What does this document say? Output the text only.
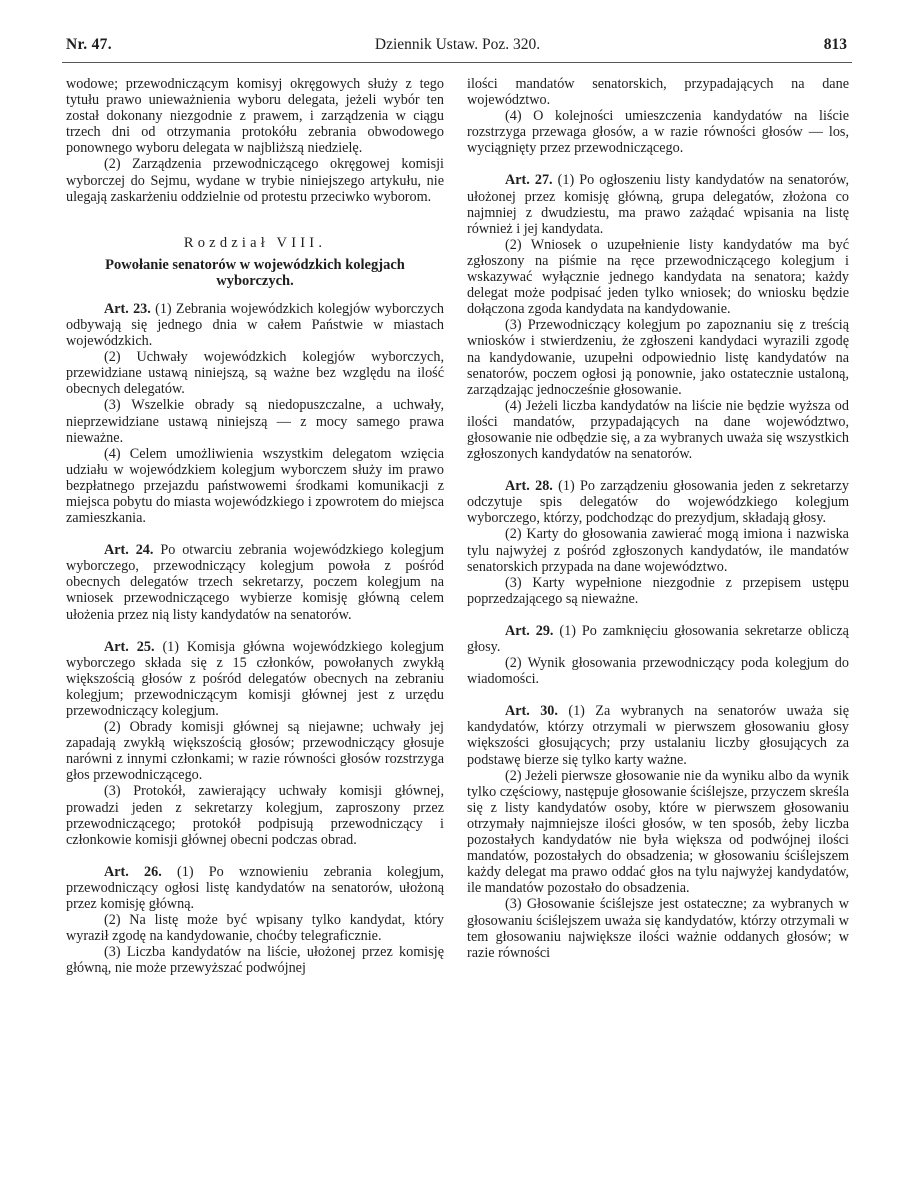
Nr. 47.	Dziennik Ustaw. Poz. 320.	813

wodowe; przewodniczącym komisyj okręgowych służy z tego tytułu prawo unieważnienia wyboru delegata, jeżeli wybór ten został dokonany niezgodnie z prawem, i zarządzenia w ciągu trzech dni od otrzymania protokółu zebrania obwodowego ponownego wyboru delegata w najbliższą niedzielę.

(2) Zarządzenia przewodniczącego okręgowej komisji wyborczej do Sejmu, wydane w trybie niniejszego artykułu, nie ulegają zaskarżeniu oddzielnie od protestu przeciwko wyborom.

Rozdział VIII.

Powołanie senatorów w wojewódzkich kolegjach wyborczych.

Art. 23. (1) Zebrania wojewódzkich kolegjów wyborczych odbywają się jednego dnia w całem Państwie w miastach wojewódzkich.

(2) Uchwały wojewódzkich kolegjów wyborczych, przewidziane ustawą niniejszą, są ważne bez względu na ilość obecnych delegatów.

(3) Wszelkie obrady są niedopuszczalne, a uchwały, nieprzewidziane ustawą niniejszą — z mocy samego prawa nieważne.

(4) Celem umożliwienia wszystkim delegatom wzięcia udziału w wojewódzkiem kolegjum wyborczem służy im prawo bezpłatnego przejazdu państwowemi środkami komunikacji z miejsca pobytu do miasta wojewódzkiego i zpowrotem do miejsca zamieszkania.

Art. 24. Po otwarciu zebrania wojewódzkiego kolegjum wyborczego, przewodniczący kolegjum powoła z pośród obecnych delegatów trzech sekretarzy, poczem kolegjum na wniosek przewodniczącego wybierze komisję główną celem ułożenia przez nią listy kandydatów na senatorów.

Art. 25. (1) Komisja główna wojewódzkiego kolegjum wyborczego składa się z 15 członków, powołanych zwykłą większością głosów z pośród delegatów obecnych na zebraniu kolegjum; przewodniczącym komisji głównej jest z urzędu przewodniczący kolegjum.

(2) Obrady komisji głównej są niejawne; uchwały jej zapadają zwykłą większością głosów; przewodniczący głosuje narówni z innymi członkami; w razie równości głosów rozstrzyga głos przewodniczącego.

(3) Protokół, zawierający uchwały komisji głównej, prowadzi jeden z sekretarzy kolegjum, zaproszony przez przewodniczącego; protokół podpisują przewodniczący i członkowie komisji głównej obecni podczas obrad.

Art. 26. (1) Po wznowieniu zebrania kolegjum, przewodniczący ogłosi listę kandydatów na senatorów, ułożoną przez komisję główną.

(2) Na listę może być wpisany tylko kandydat, który wyraził zgodę na kandydowanie, choćby telegraficznie.

(3) Liczba kandydatów na liście, ułożonej przez komisję główną, nie może przewyższać podwójnej

ilości mandatów senatorskich, przypadających na dane województwo.

(4) O kolejności umieszczenia kandydatów na liście rozstrzyga przewaga głosów, a w razie równości głosów — los, wyciągnięty przez przewodniczącego.

Art. 27. (1) Po ogłoszeniu listy kandydatów na senatorów, ułożonej przez komisję główną, grupa delegatów, złożona co najmniej z dwudziestu, ma prawo zażądać wpisania na listę również i jej kandydata.

(2) Wniosek o uzupełnienie listy kandydatów ma być zgłoszony na piśmie na ręce przewodniczącego kolegjum i wskazywać wyłącznie jednego kandydata na senatora; każdy delegat może podpisać jeden tylko wniosek; do wniosku będzie dołączona zgoda kandydata na kandydowanie.

(3) Przewodniczący kolegjum po zapoznaniu się z treścią wniosków i stwierdzeniu, że zgłoszeni kandydaci wyrazili zgodę na kandydowanie, uzupełni odpowiednio listę kandydatów na senatorów, poczem ogłosi ją ponownie, jako ostatecznie ustaloną, zarządzając jednocześnie głosowanie.

(4) Jeżeli liczba kandydatów na liście nie będzie wyższa od ilości mandatów, przypadających na dane województwo, głosowanie nie odbędzie się, a za wybranych uważa się wszystkich zgłoszonych kandydatów na senatorów.

Art. 28. (1) Po zarządzeniu głosowania jeden z sekretarzy odczytuje spis delegatów do wojewódzkiego kolegjum wyborczego, którzy, podchodząc do prezydjum, składają głosy.

(2) Karty do głosowania zawierać mogą imiona i nazwiska tylu najwyżej z pośród zgłoszonych kandydatów, ile mandatów senatorskich przypada na dane województwo.

(3) Karty wypełnione niezgodnie z przepisem ustępu poprzedzającego są nieważne.

Art. 29. (1) Po zamknięciu głosowania sekretarze obliczą głosy.

(2) Wynik głosowania przewodniczący poda kolegjum do wiadomości.

Art. 30. (1) Za wybranych na senatorów uważa się kandydatów, którzy otrzymali w pierwszem głosowaniu głosy większości głosujących; przy ustalaniu liczby głosujących za podstawę bierze się tylko karty ważne.

(2) Jeżeli pierwsze głosowanie nie da wyniku albo da wynik tylko częściowy, następuje głosowanie ściślejsze, przyczem skreśla się z listy kandydatów osoby, które w pierwszem głosowaniu otrzymały najmniejsze ilości głosów, w ten sposób, żeby liczba pozostałych kandydatów nie była większa od podwójnej ilości mandatów, pozostałych do obsadzenia; w głosowaniu ściślejszem każdy delegat ma prawo oddać głos na tylu najwyżej kandydatów, ile mandatów pozostało do obsadzenia.

(3) Głosowanie ściślejsze jest ostateczne; za wybranych w głosowaniu ściślejszem uważa się kandydatów, którzy otrzymali w tem głosowaniu największe ilości ważnie oddanych głosów; w razie równości
